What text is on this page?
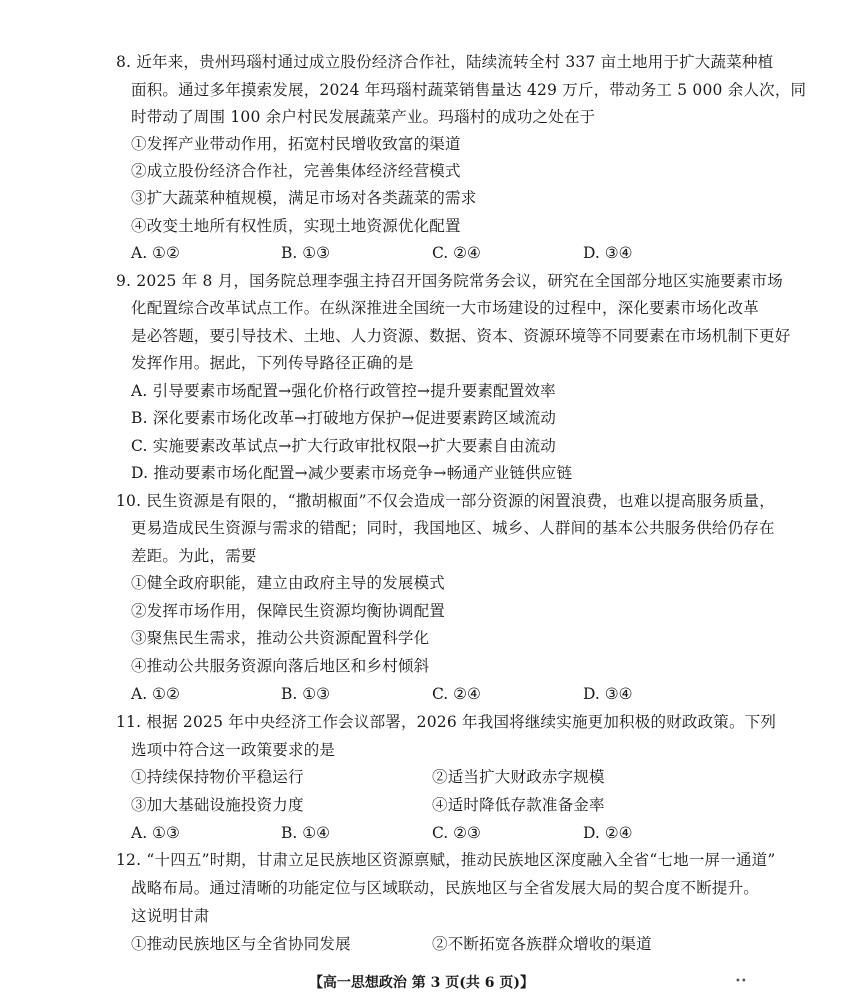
8. 近年来，贵州玛瑙村通过成立股份经济合作社，陆续流转全村 337 亩土地用于扩大蔬菜种植
面积。通过多年摸索发展，2024 年玛瑙村蔬菜销售量达 429 万斤，带动务工 5 000 余人次，同
时带动了周围 100 余户村民发展蔬菜产业。玛瑙村的成功之处在于
①发挥产业带动作用，拓宽村民增收致富的渠道
②成立股份经济合作社，完善集体经济经营模式
③扩大蔬菜种植规模，满足市场对各类蔬菜的需求
④改变土地所有权性质，实现土地资源优化配置
A. ①②	B. ①③	C. ②④	D. ③④
9. 2025 年 8 月，国务院总理李强主持召开国务院常务会议，研究在全国部分地区实施要素市场
化配置综合改革试点工作。在纵深推进全国统一大市场建设的过程中，深化要素市场化改革
是必答题，要引导技术、土地、人力资源、数据、资本、资源环境等不同要素在市场机制下更好
发挥作用。据此，下列传导路径正确的是
A. 引导要素市场配置→强化价格行政管控→提升要素配置效率
B. 深化要素市场化改革→打破地方保护→促进要素跨区域流动
C. 实施要素改革试点→扩大行政审批权限→扩大要素自由流动
D. 推动要素市场化配置→减少要素市场竞争→畅通产业链供应链
10. 民生资源是有限的，“撒胡椒面”不仅会造成一部分资源的闲置浪费，也难以提高服务质量，
更易造成民生资源与需求的错配；同时，我国地区、城乡、人群间的基本公共服务供给仍存在
差距。为此，需要
①健全政府职能，建立由政府主导的发展模式
②发挥市场作用，保障民生资源均衡协调配置
③聚焦民生需求，推动公共资源配置科学化
④推动公共服务资源向落后地区和乡村倾斜
A. ①②	B. ①③	C. ②④	D. ③④
11. 根据 2025 年中央经济工作会议部署，2026 年我国将继续实施更加积极的财政政策。下列
选项中符合这一政策要求的是
①持续保持物价平稳运行	②适当扩大财政赤字规模
③加大基础设施投资力度	④适时降低存款准备金率
A. ①③	B. ①④	C. ②③	D. ②④
12. “十四五”时期，甘肃立足民族地区资源禀赋，推动民族地区深度融入全省“七地一屏一通道”
战略布局。通过清晰的功能定位与区域联动，民族地区与全省发展大局的契合度不断提升。
这说明甘肃
①推动民族地区与全省协同发展	②不断拓宽各族群众增收的渠道
【高一思想政治 第 3 页(共 6 页)】	••
